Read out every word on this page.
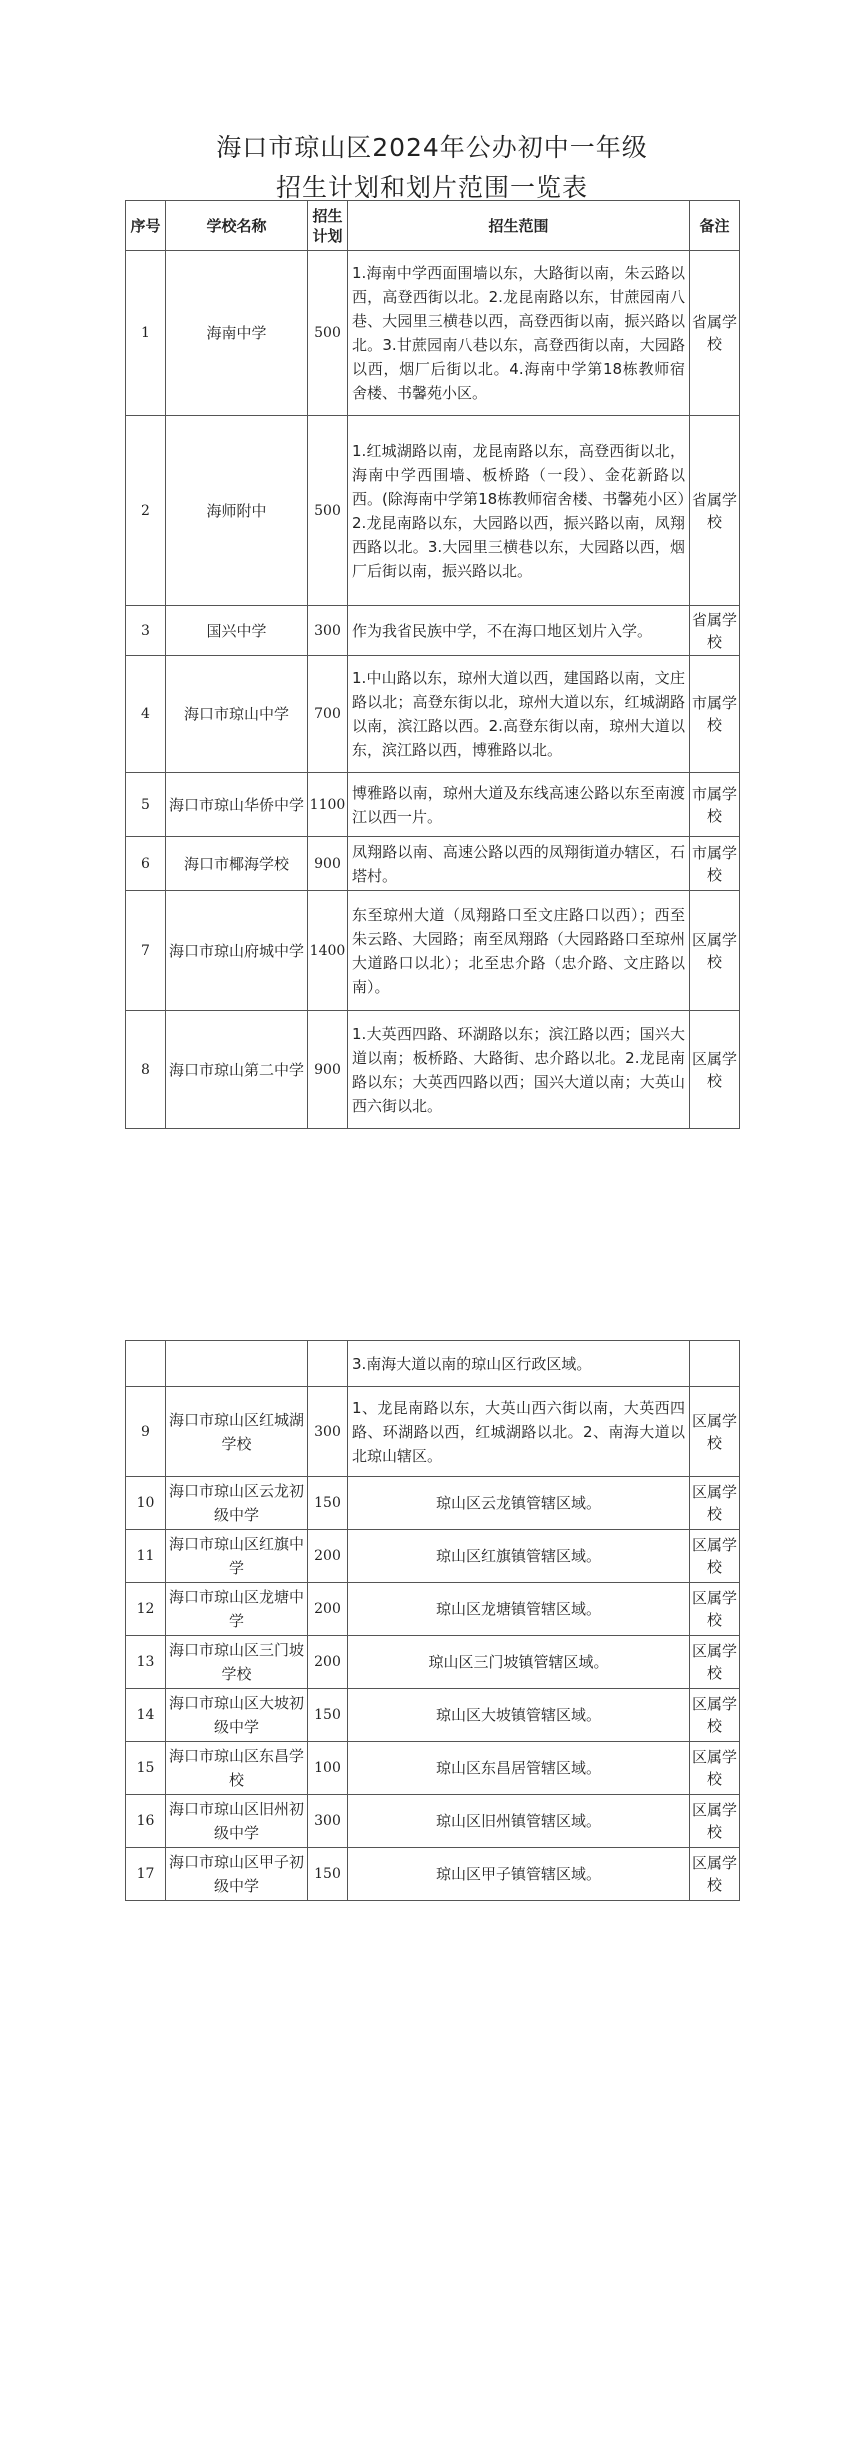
海口市琼山区2024年公办初中一年级
招生计划和划片范围一览表
序号	学校名称	招生计划	招生范围	备注
1	海南中学	500	1.海南中学西面围墙以东，大路街以南，朱云路以西，高登西街以北。2.龙昆南路以东，甘蔗园南八巷、大园里三横巷以西，高登西街以南，振兴路以北。3.甘蔗园南八巷以东，高登西街以南，大园路以西，烟厂后街以北。4.海南中学第18栋教师宿舍楼、书馨苑小区。	省属学校
2	海师附中	500	1.红城湖路以南，龙昆南路以东，高登西街以北，海南中学西围墙、板桥路（一段）、金花新路以西。(除海南中学第18栋教师宿舍楼、书馨苑小区）2.龙昆南路以东，大园路以西，振兴路以南，凤翔西路以北。3.大园里三横巷以东，大园路以西，烟厂后街以南，振兴路以北。	省属学校
3	国兴中学	300	作为我省民族中学，不在海口地区划片入学。	省属学校
4	海口市琼山中学	700	1.中山路以东，琼州大道以西，建国路以南，文庄路以北；高登东街以北，琼州大道以东，红城湖路以南，滨江路以西。2.高登东街以南，琼州大道以东，滨江路以西，博雅路以北。	市属学校
5	海口市琼山华侨中学	1100	博雅路以南，琼州大道及东线高速公路以东至南渡江以西一片。	市属学校
6	海口市椰海学校	900	凤翔路以南、高速公路以西的凤翔街道办辖区，石塔村。	市属学校
7	海口市琼山府城中学	1400	东至琼州大道（凤翔路口至文庄路口以西）；西至朱云路、大园路；南至凤翔路（大园路路口至琼州大道路口以北）；北至忠介路（忠介路、文庄路以南）。	区属学校
8	海口市琼山第二中学	900	1.大英西四路、环湖路以东；滨江路以西；国兴大道以南；板桥路、大路街、忠介路以北。2.龙昆南路以东；大英西四路以西；国兴大道以南；大英山西六街以北。	区属学校
			3.南海大道以南的琼山区行政区域。	
9	海口市琼山区红城湖学校	300	1、龙昆南路以东，大英山西六街以南，大英西四路、环湖路以西，红城湖路以北。2、南海大道以北琼山辖区。	区属学校
10	海口市琼山区云龙初级中学	150	琼山区云龙镇管辖区域。	区属学校
11	海口市琼山区红旗中学	200	琼山区红旗镇管辖区域。	区属学校
12	海口市琼山区龙塘中学	200	琼山区龙塘镇管辖区域。	区属学校
13	海口市琼山区三门坡学校	200	琼山区三门坡镇管辖区域。	区属学校
14	海口市琼山区大坡初级中学	150	琼山区大坡镇管辖区域。	区属学校
15	海口市琼山区东昌学校	100	琼山区东昌居管辖区域。	区属学校
16	海口市琼山区旧州初级中学	300	琼山区旧州镇管辖区域。	区属学校
17	海口市琼山区甲子初级中学	150	琼山区甲子镇管辖区域。	区属学校
